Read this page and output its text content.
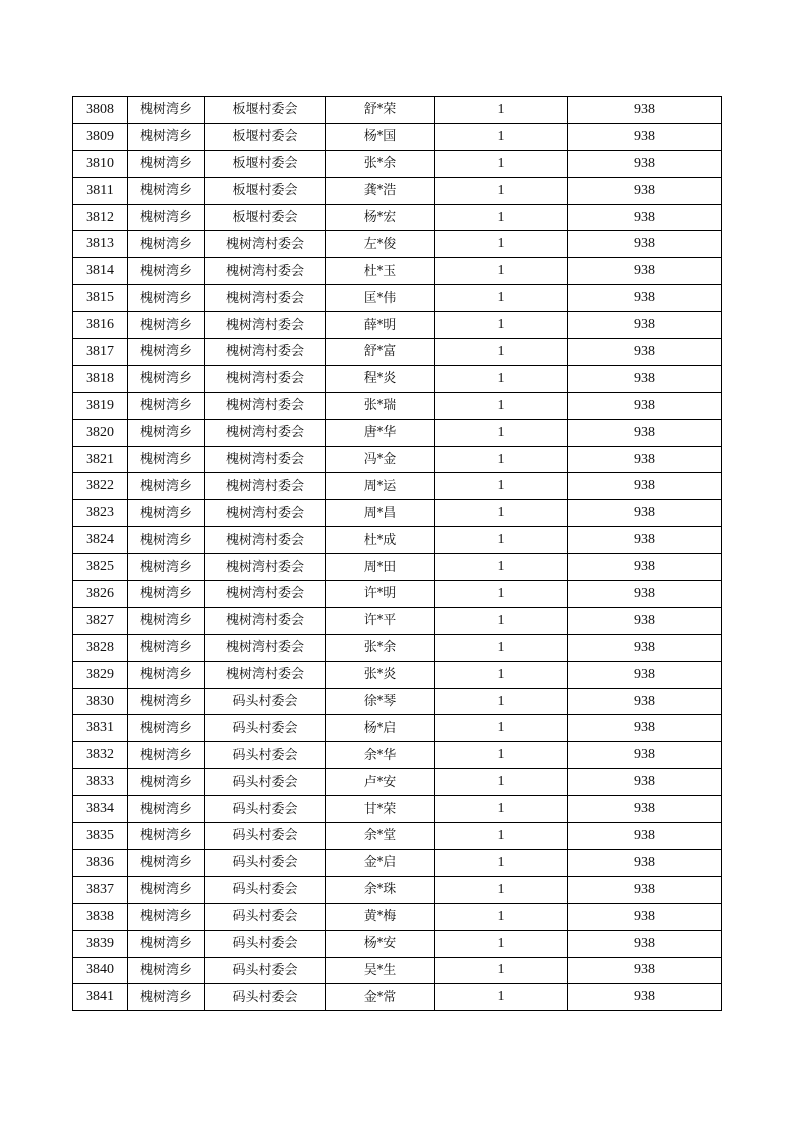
3808	槐树湾乡	板堰村委会	舒*荣	1	938
3809	槐树湾乡	板堰村委会	杨*国	1	938
3810	槐树湾乡	板堰村委会	张*余	1	938
3811	槐树湾乡	板堰村委会	龚*浩	1	938
3812	槐树湾乡	板堰村委会	杨*宏	1	938
3813	槐树湾乡	槐树湾村委会	左*俊	1	938
3814	槐树湾乡	槐树湾村委会	杜*玉	1	938
3815	槐树湾乡	槐树湾村委会	匡*伟	1	938
3816	槐树湾乡	槐树湾村委会	薛*明	1	938
3817	槐树湾乡	槐树湾村委会	舒*富	1	938
3818	槐树湾乡	槐树湾村委会	程*炎	1	938
3819	槐树湾乡	槐树湾村委会	张*瑞	1	938
3820	槐树湾乡	槐树湾村委会	唐*华	1	938
3821	槐树湾乡	槐树湾村委会	冯*金	1	938
3822	槐树湾乡	槐树湾村委会	周*运	1	938
3823	槐树湾乡	槐树湾村委会	周*昌	1	938
3824	槐树湾乡	槐树湾村委会	杜*成	1	938
3825	槐树湾乡	槐树湾村委会	周*田	1	938
3826	槐树湾乡	槐树湾村委会	许*明	1	938
3827	槐树湾乡	槐树湾村委会	许*平	1	938
3828	槐树湾乡	槐树湾村委会	张*余	1	938
3829	槐树湾乡	槐树湾村委会	张*炎	1	938
3830	槐树湾乡	码头村委会	徐*琴	1	938
3831	槐树湾乡	码头村委会	杨*启	1	938
3832	槐树湾乡	码头村委会	余*华	1	938
3833	槐树湾乡	码头村委会	卢*安	1	938
3834	槐树湾乡	码头村委会	甘*荣	1	938
3835	槐树湾乡	码头村委会	余*堂	1	938
3836	槐树湾乡	码头村委会	金*启	1	938
3837	槐树湾乡	码头村委会	余*珠	1	938
3838	槐树湾乡	码头村委会	黄*梅	1	938
3839	槐树湾乡	码头村委会	杨*安	1	938
3840	槐树湾乡	码头村委会	吴*生	1	938
3841	槐树湾乡	码头村委会	金*常	1	938
